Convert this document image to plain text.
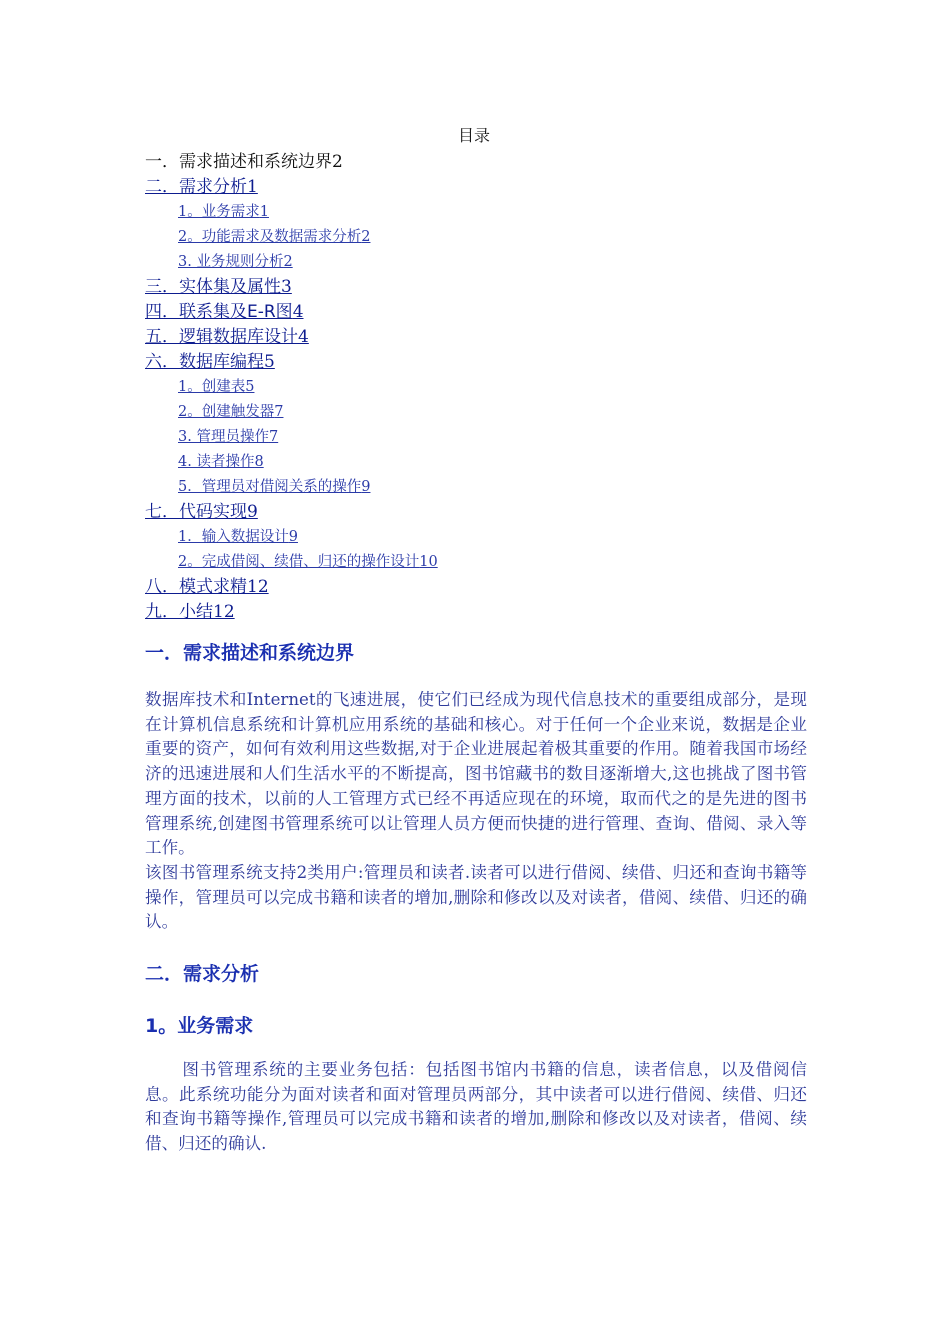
目录
一．需求描述和系统边界2
二．需求分析1
1。业务需求1
2。功能需求及数据需求分析2
3. 业务规则分析2
三．实体集及属性3
四．联系集及E-R图4
五．逻辑数据库设计4
六．数据库编程5
1。创建表5
2。创建触发器7
3. 管理员操作7
4. 读者操作8
5．管理员对借阅关系的操作9
七．代码实现9
1．输入数据设计9
2。完成借阅、续借、归还的操作设计10
八．模式求精12
九．小结12
一．需求描述和系统边界

数据库技术和Internet的飞速进展，使它们已经成为现代信息技术的重要组成部分，是现在计算机信息系统和计算机应用系统的基础和核心。对于任何一个企业来说，数据是企业重要的资产，如何有效利用这些数据,对于企业进展起着极其重要的作用。随着我国市场经济的迅速进展和人们生活水平的不断提高，图书馆藏书的数目逐渐增大,这也挑战了图书管理方面的技术，以前的人工管理方式已经不再适应现在的环境，取而代之的是先进的图书管理系统,创建图书管理系统可以让管理人员方便而快捷的进行管理、查询、借阅、录入等工作。

该图书管理系统支持2类用户:管理员和读者.读者可以进行借阅、续借、归还和查询书籍等操作，管理员可以完成书籍和读者的增加,删除和修改以及对读者，借阅、续借、归还的确认。

二．需求分析
1。业务需求

图书管理系统的主要业务包括：包括图书馆内书籍的信息，读者信息，以及借阅信息。此系统功能分为面对读者和面对管理员两部分，其中读者可以进行借阅、续借、归还和查询书籍等操作,管理员可以完成书籍和读者的增加,删除和修改以及对读者，借阅、续借、归还的确认.
